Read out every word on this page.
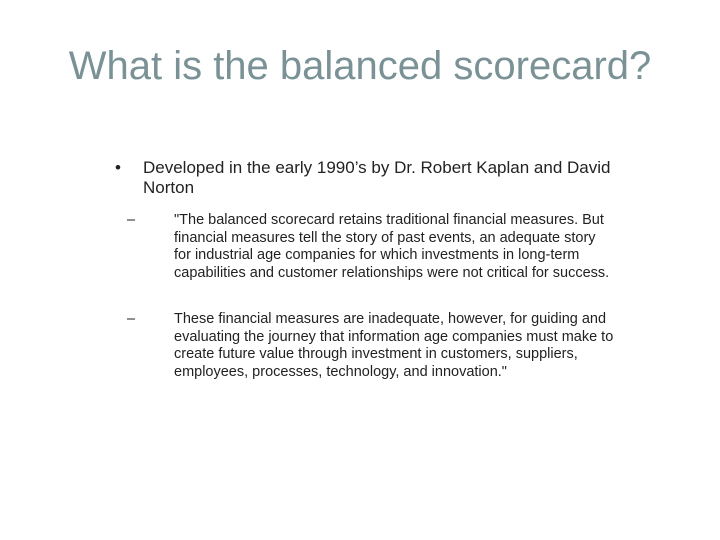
What is the balanced scorecard?
• Developed in the early 1990’s by Dr. Robert Kaplan and David Norton
–	"The balanced scorecard retains traditional financial measures. But financial measures tell the story of past events, an adequate story for industrial age companies for which investments in long-term capabilities and customer relationships were not critical for success.
–	These financial measures are inadequate, however, for guiding and evaluating the journey that information age companies must make to create future value through investment in customers, suppliers, employees, processes, technology, and innovation."
